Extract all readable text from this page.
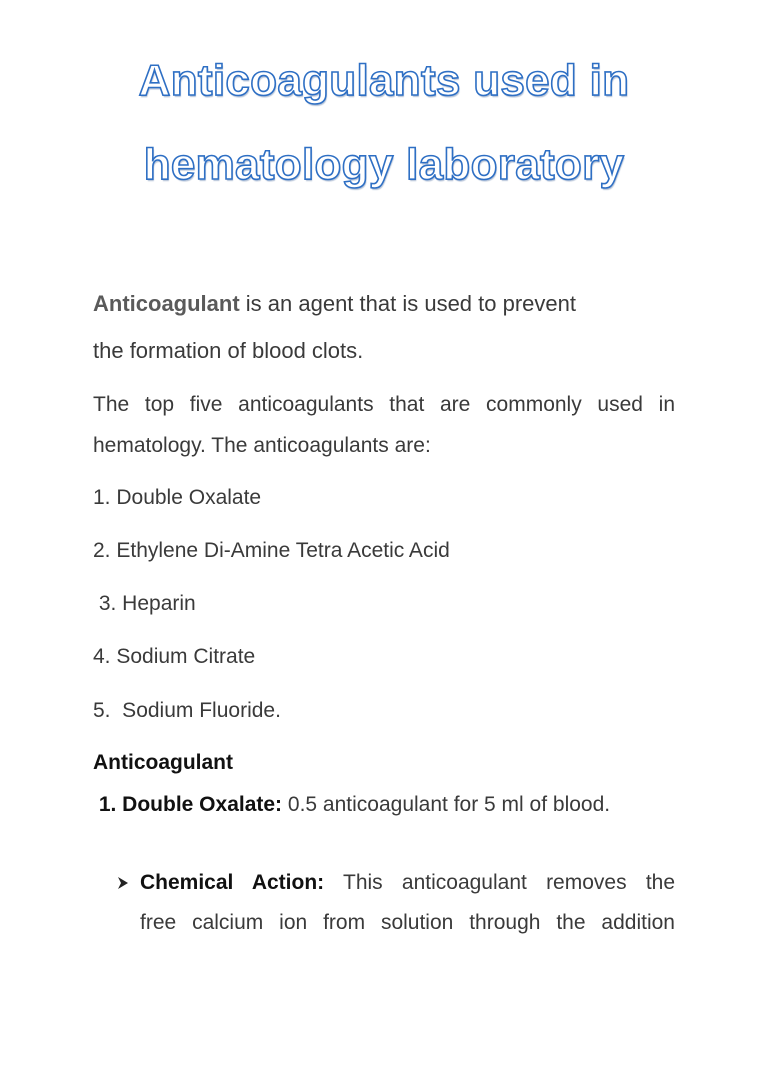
Anticoagulants used in
hematology laboratory
Anticoagulant is an agent that is used to prevent
the formation of blood clots.
The top five anticoagulants that are commonly used in
hematology. The anticoagulants are:
1. Double Oxalate
2. Ethylene Di-Amine Tetra Acetic Acid
3. Heparin
4. Sodium Citrate
5.  Sodium Fluoride.
Anticoagulant
1. Double Oxalate: 0.5 anticoagulant for 5 ml of blood.
Chemical Action: This anticoagulant removes the
free calcium ion from solution through the addition
